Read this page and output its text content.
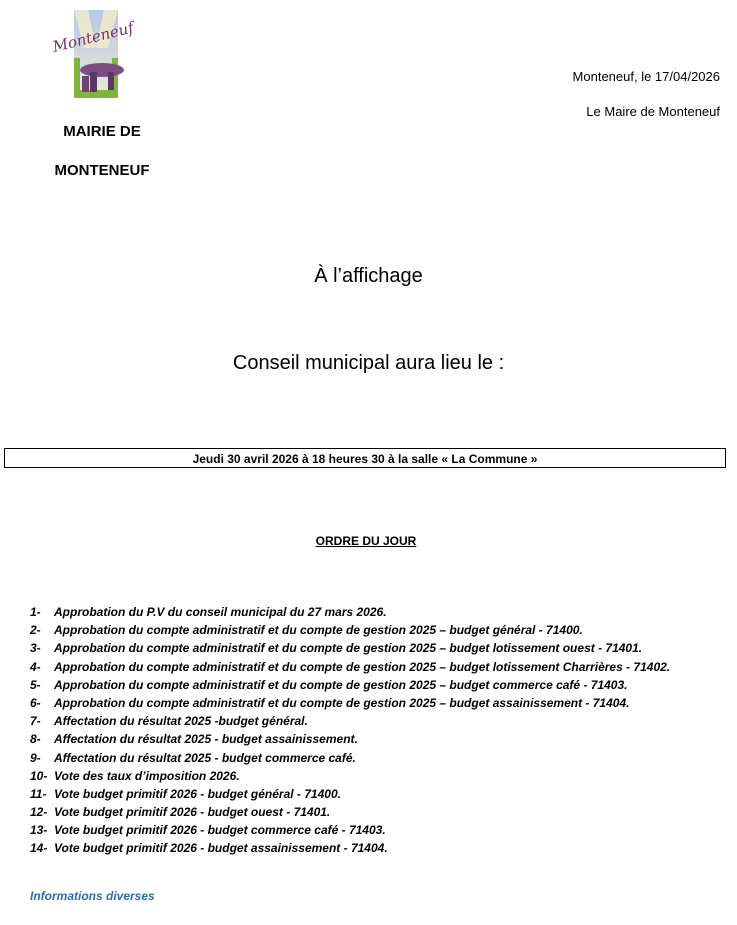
Monteneuf
MAIRIE DE
MONTENEUF
Monteneuf, le 17/04/2026
Le Maire de Monteneuf
À l’affichage
Conseil municipal aura lieu le :
Jeudi 30 avril 2026 à 18 heures 30 à la salle « La Commune »
ORDRE DU JOUR
1- Approbation du P.V du conseil municipal du 27 mars 2026.
2- Approbation du compte administratif et du compte de gestion 2025 – budget général - 71400.
3- Approbation du compte administratif et du compte de gestion 2025 – budget lotissement ouest - 71401.
4- Approbation du compte administratif et du compte de gestion 2025 – budget lotissement Charrières - 71402.
5- Approbation du compte administratif et du compte de gestion 2025 – budget commerce café - 71403.
6- Approbation du compte administratif et du compte de gestion 2025 – budget assainissement - 71404.
7- Affectation du résultat 2025 -budget général.
8- Affectation du résultat 2025 - budget assainissement.
9- Affectation du résultat 2025 - budget commerce café.
10- Vote des taux d’imposition 2026.
11- Vote budget primitif 2026 - budget général - 71400.
12- Vote budget primitif 2026 - budget ouest - 71401.
13- Vote budget primitif 2026 - budget commerce café - 71403.
14- Vote budget primitif 2026 - budget assainissement - 71404.
Informations diverses
